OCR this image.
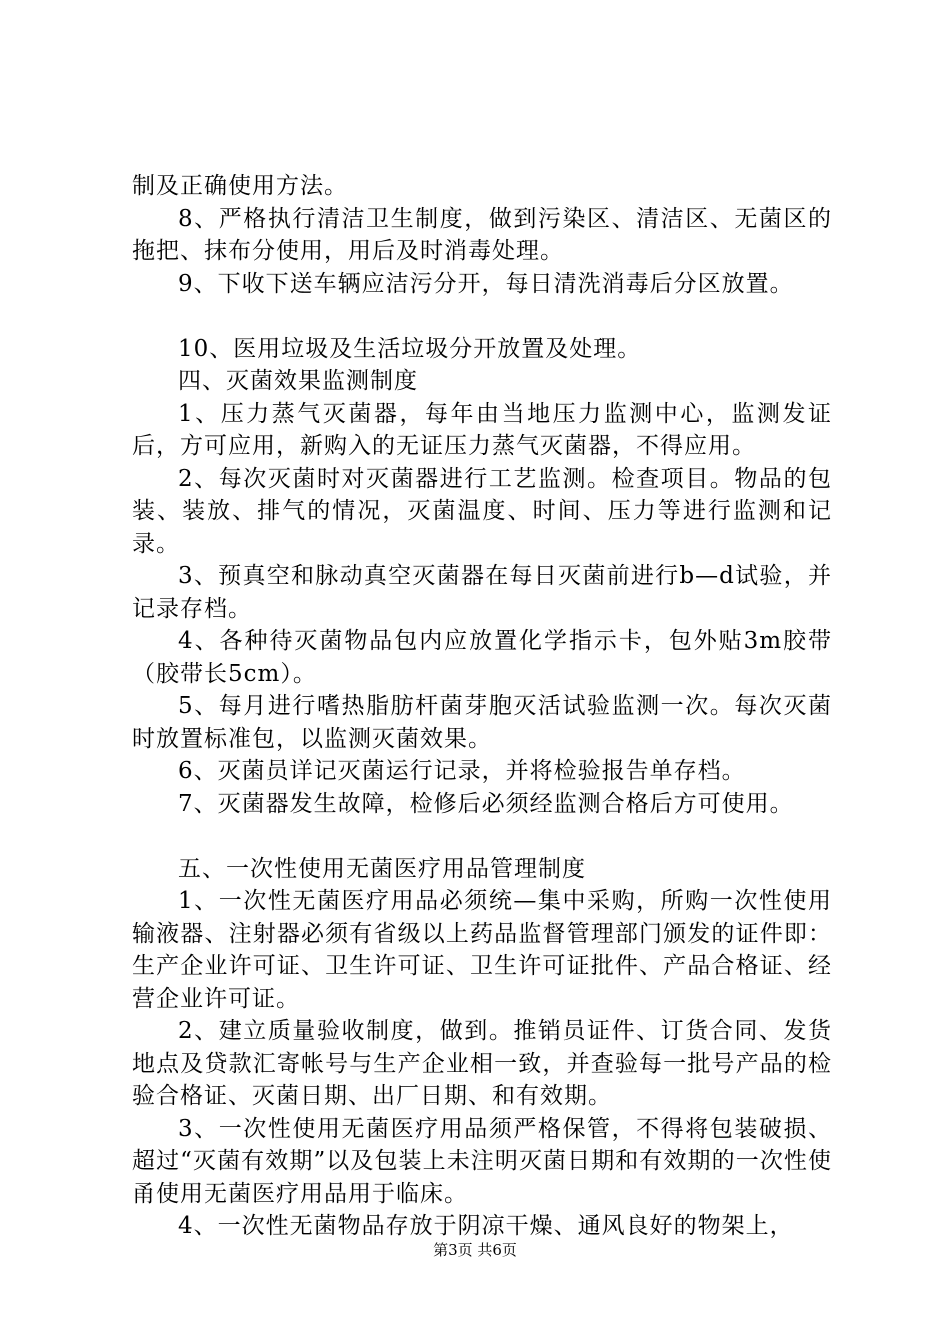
制及正确使用方法。

8、严格执行清洁卫生制度，做到污染区、清洁区、无菌区的拖把、抹布分使用，用后及时消毒处理。

9、下收下送车辆应洁污分开，每日清洗消毒后分区放置。

10、医用垃圾及生活垃圾分开放置及处理。

四、灭菌效果监测制度

1、压力蒸气灭菌器，每年由当地压力监测中心，监测发证后，方可应用，新购入的无证压力蒸气灭菌器，不得应用。

2、每次灭菌时对灭菌器进行工艺监测。检查项目。物品的包装、装放、排气的情况，灭菌温度、时间、压力等进行监测和记录。

3、预真空和脉动真空灭菌器在每日灭菌前进行b—d试验，并记录存档。

4、各种待灭菌物品包内应放置化学指示卡，包外贴3m胶带（胶带长5cm）。

5、每月进行嗜热脂肪杆菌芽胞灭活试验监测一次。每次灭菌时放置标准包，以监测灭菌效果。

6、灭菌员详记灭菌运行记录，并将检验报告单存档。

7、灭菌器发生故障，检修后必须经监测合格后方可使用。

五、一次性使用无菌医疗用品管理制度

1、一次性无菌医疗用品必须统—集中采购，所购一次性使用输液器、注射器必须有省级以上药品监督管理部门颁发的证件即：生产企业许可证、卫生许可证、卫生许可证批件、产品合格证、经营企业许可证。

2、建立质量验收制度，做到。推销员证件、订货合同、发货地点及贷款汇寄帐号与生产企业相一致，并查验每一批号产品的检验合格证、灭菌日期、出厂日期、和有效期。

3、一次性使用无菌医疗用品须严格保管，不得将包装破损、超过“灭菌有效期”以及包装上未注明灭菌日期和有效期的一次性使甬使用无菌医疗用品用于临床。

4、一次性无菌物品存放于阴凉干燥、通风良好的物架上，

第3页 共6页
